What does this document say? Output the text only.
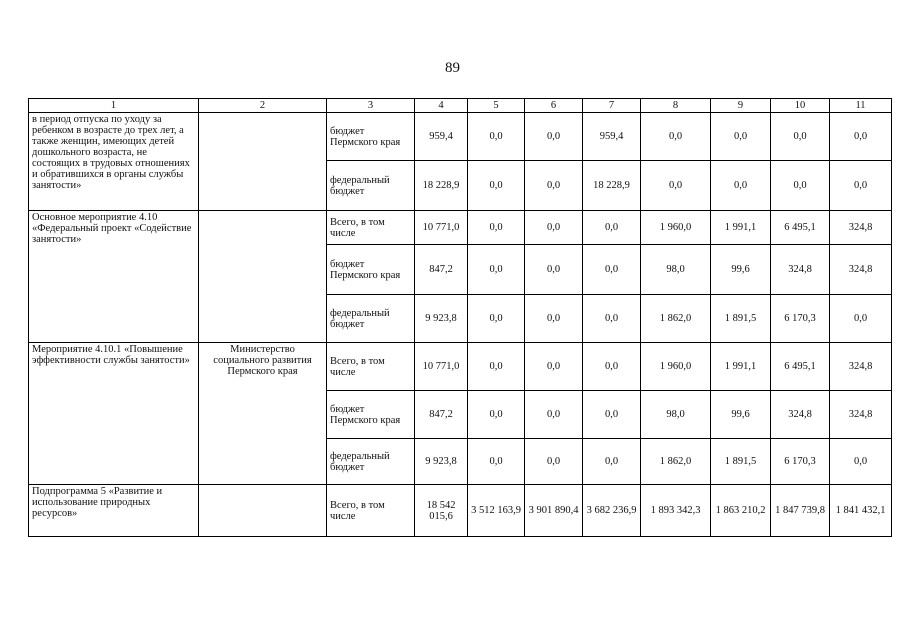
89
1	2	3	4	5	6	7	8	9	10	11
в период отпуска по уходу за ребенком в возрасте до трех лет, а также женщин, имеющих детей дошкольного возраста, не состоящих в трудовых отношениях и обратившихся в органы службы занятости»		бюджет Пермского края	959,4	0,0	0,0	959,4	0,0	0,0	0,0	0,0
		федеральный бюджет	18 228,9	0,0	0,0	18 228,9	0,0	0,0	0,0	0,0
Основное мероприятие 4.10 «Федеральный проект «Содействие занятости»		Всего, в том числе	10 771,0	0,0	0,0	0,0	1 960,0	1 991,1	6 495,1	324,8
		бюджет Пермского края	847,2	0,0	0,0	0,0	98,0	99,6	324,8	324,8
		федеральный бюджет	9 923,8	0,0	0,0	0,0	1 862,0	1 891,5	6 170,3	0,0
Мероприятие 4.10.1 «Повышение эффективности службы занятости»	Министерство социального развития Пермского края	Всего, в том числе	10 771,0	0,0	0,0	0,0	1 960,0	1 991,1	6 495,1	324,8
		бюджет Пермского края	847,2	0,0	0,0	0,0	98,0	99,6	324,8	324,8
		федеральный бюджет	9 923,8	0,0	0,0	0,0	1 862,0	1 891,5	6 170,3	0,0
Подпрограмма 5 «Развитие и использование природных ресурсов»		Всего, в том числе	18 542 015,6	3 512 163,9	3 901 890,4	3 682 236,9	1 893 342,3	1 863 210,2	1 847 739,8	1 841 432,1
